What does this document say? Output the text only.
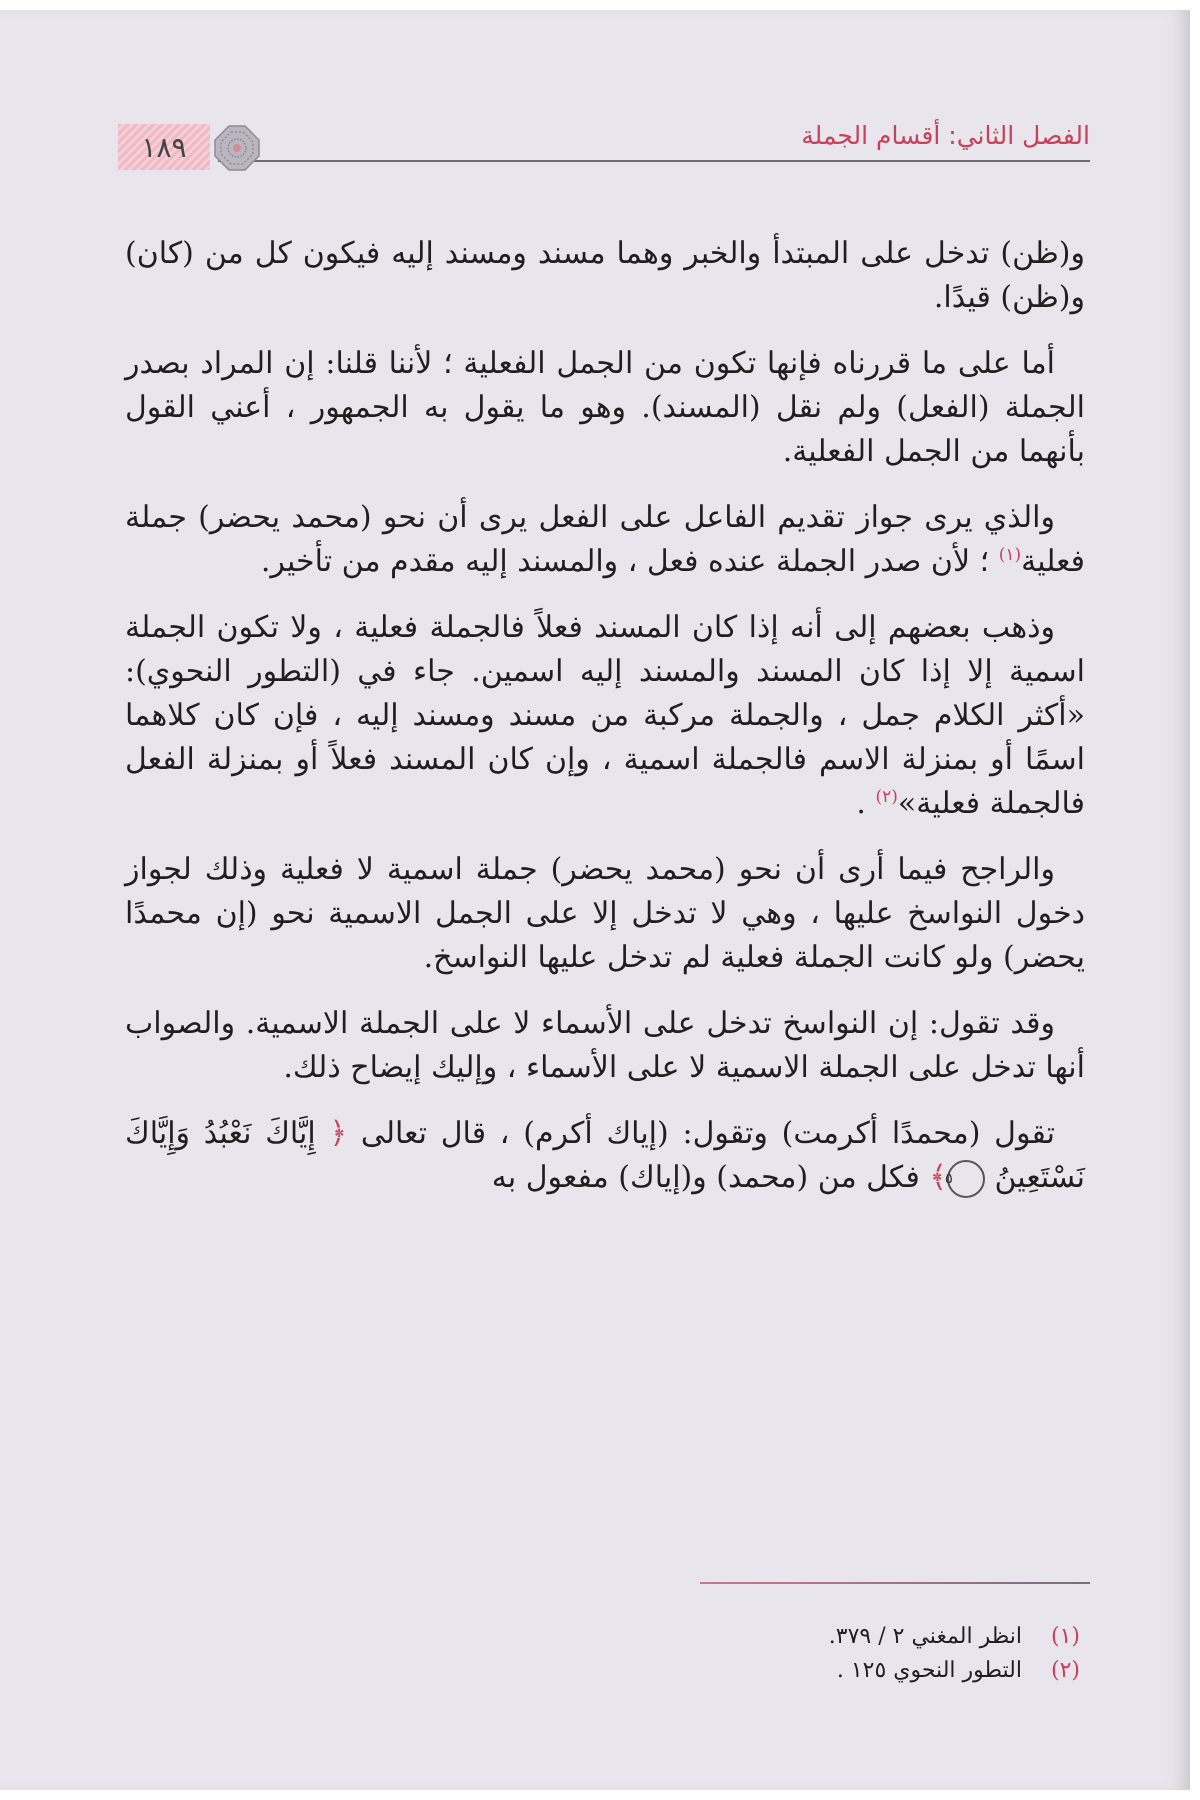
الفصل الثاني: أقسام الجملة
١٨٩

و(ظن) تدخل على المبتدأ والخبر وهما مسند ومسند إليه فيكون كل من (كان) و(ظن) قيدًا.

أما على ما قررناه فإنها تكون من الجمل الفعلية ؛ لأننا قلنا: إن المراد بصدر الجملة (الفعل) ولم نقل (المسند). وهو ما يقول به الجمهور ، أعني القول بأنهما من الجمل الفعلية.

والذي يرى جواز تقديم الفاعل على الفعل يرى أن نحو (محمد يحضر) جملة فعلية$^{(١)}$ ؛ لأن صدر الجملة عنده فعل ، والمسند إليه مقدم من تأخير.

وذهب بعضهم إلى أنه إذا كان المسند فعلاً فالجملة فعلية ، ولا تكون الجملة اسمية إلا إذا كان المسند والمسند إليه اسمين. جاء في (التطور النحوي): «أكثر الكلام جمل ، والجملة مركبة من مسند ومسند إليه ، فإن كان كلاهما اسمًا أو بمنزلة الاسم فالجملة اسمية ، وإن كان المسند فعلاً أو بمنزلة الفعل فالجملة فعلية»$^{(٢)}$ .

والراجح فيما أرى أن نحو (محمد يحضر) جملة اسمية لا فعلية وذلك لجواز دخول النواسخ عليها ، وهي لا تدخل إلا على الجمل الاسمية نحو (إن محمدًا يحضر) ولو كانت الجملة فعلية لم تدخل عليها النواسخ.

وقد تقول: إن النواسخ تدخل على الأسماء لا على الجملة الاسمية. والصواب أنها تدخل على الجملة الاسمية لا على الأسماء ، وإليك إيضاح ذلك.

تقول (محمدًا أكرمت) وتقول: (إياك أكرم) ، قال تعالى ﴿ إِيَّاكَ نَعْبُدُ وَإِيَّاكَ نَسْتَعِينُ ٥﴾ فكل من (محمد) و(إياك) مفعول به

(١)
انظر المغني ٢ / ٣٧٩.
(٢)
التطور النحوي ١٢٥ .
